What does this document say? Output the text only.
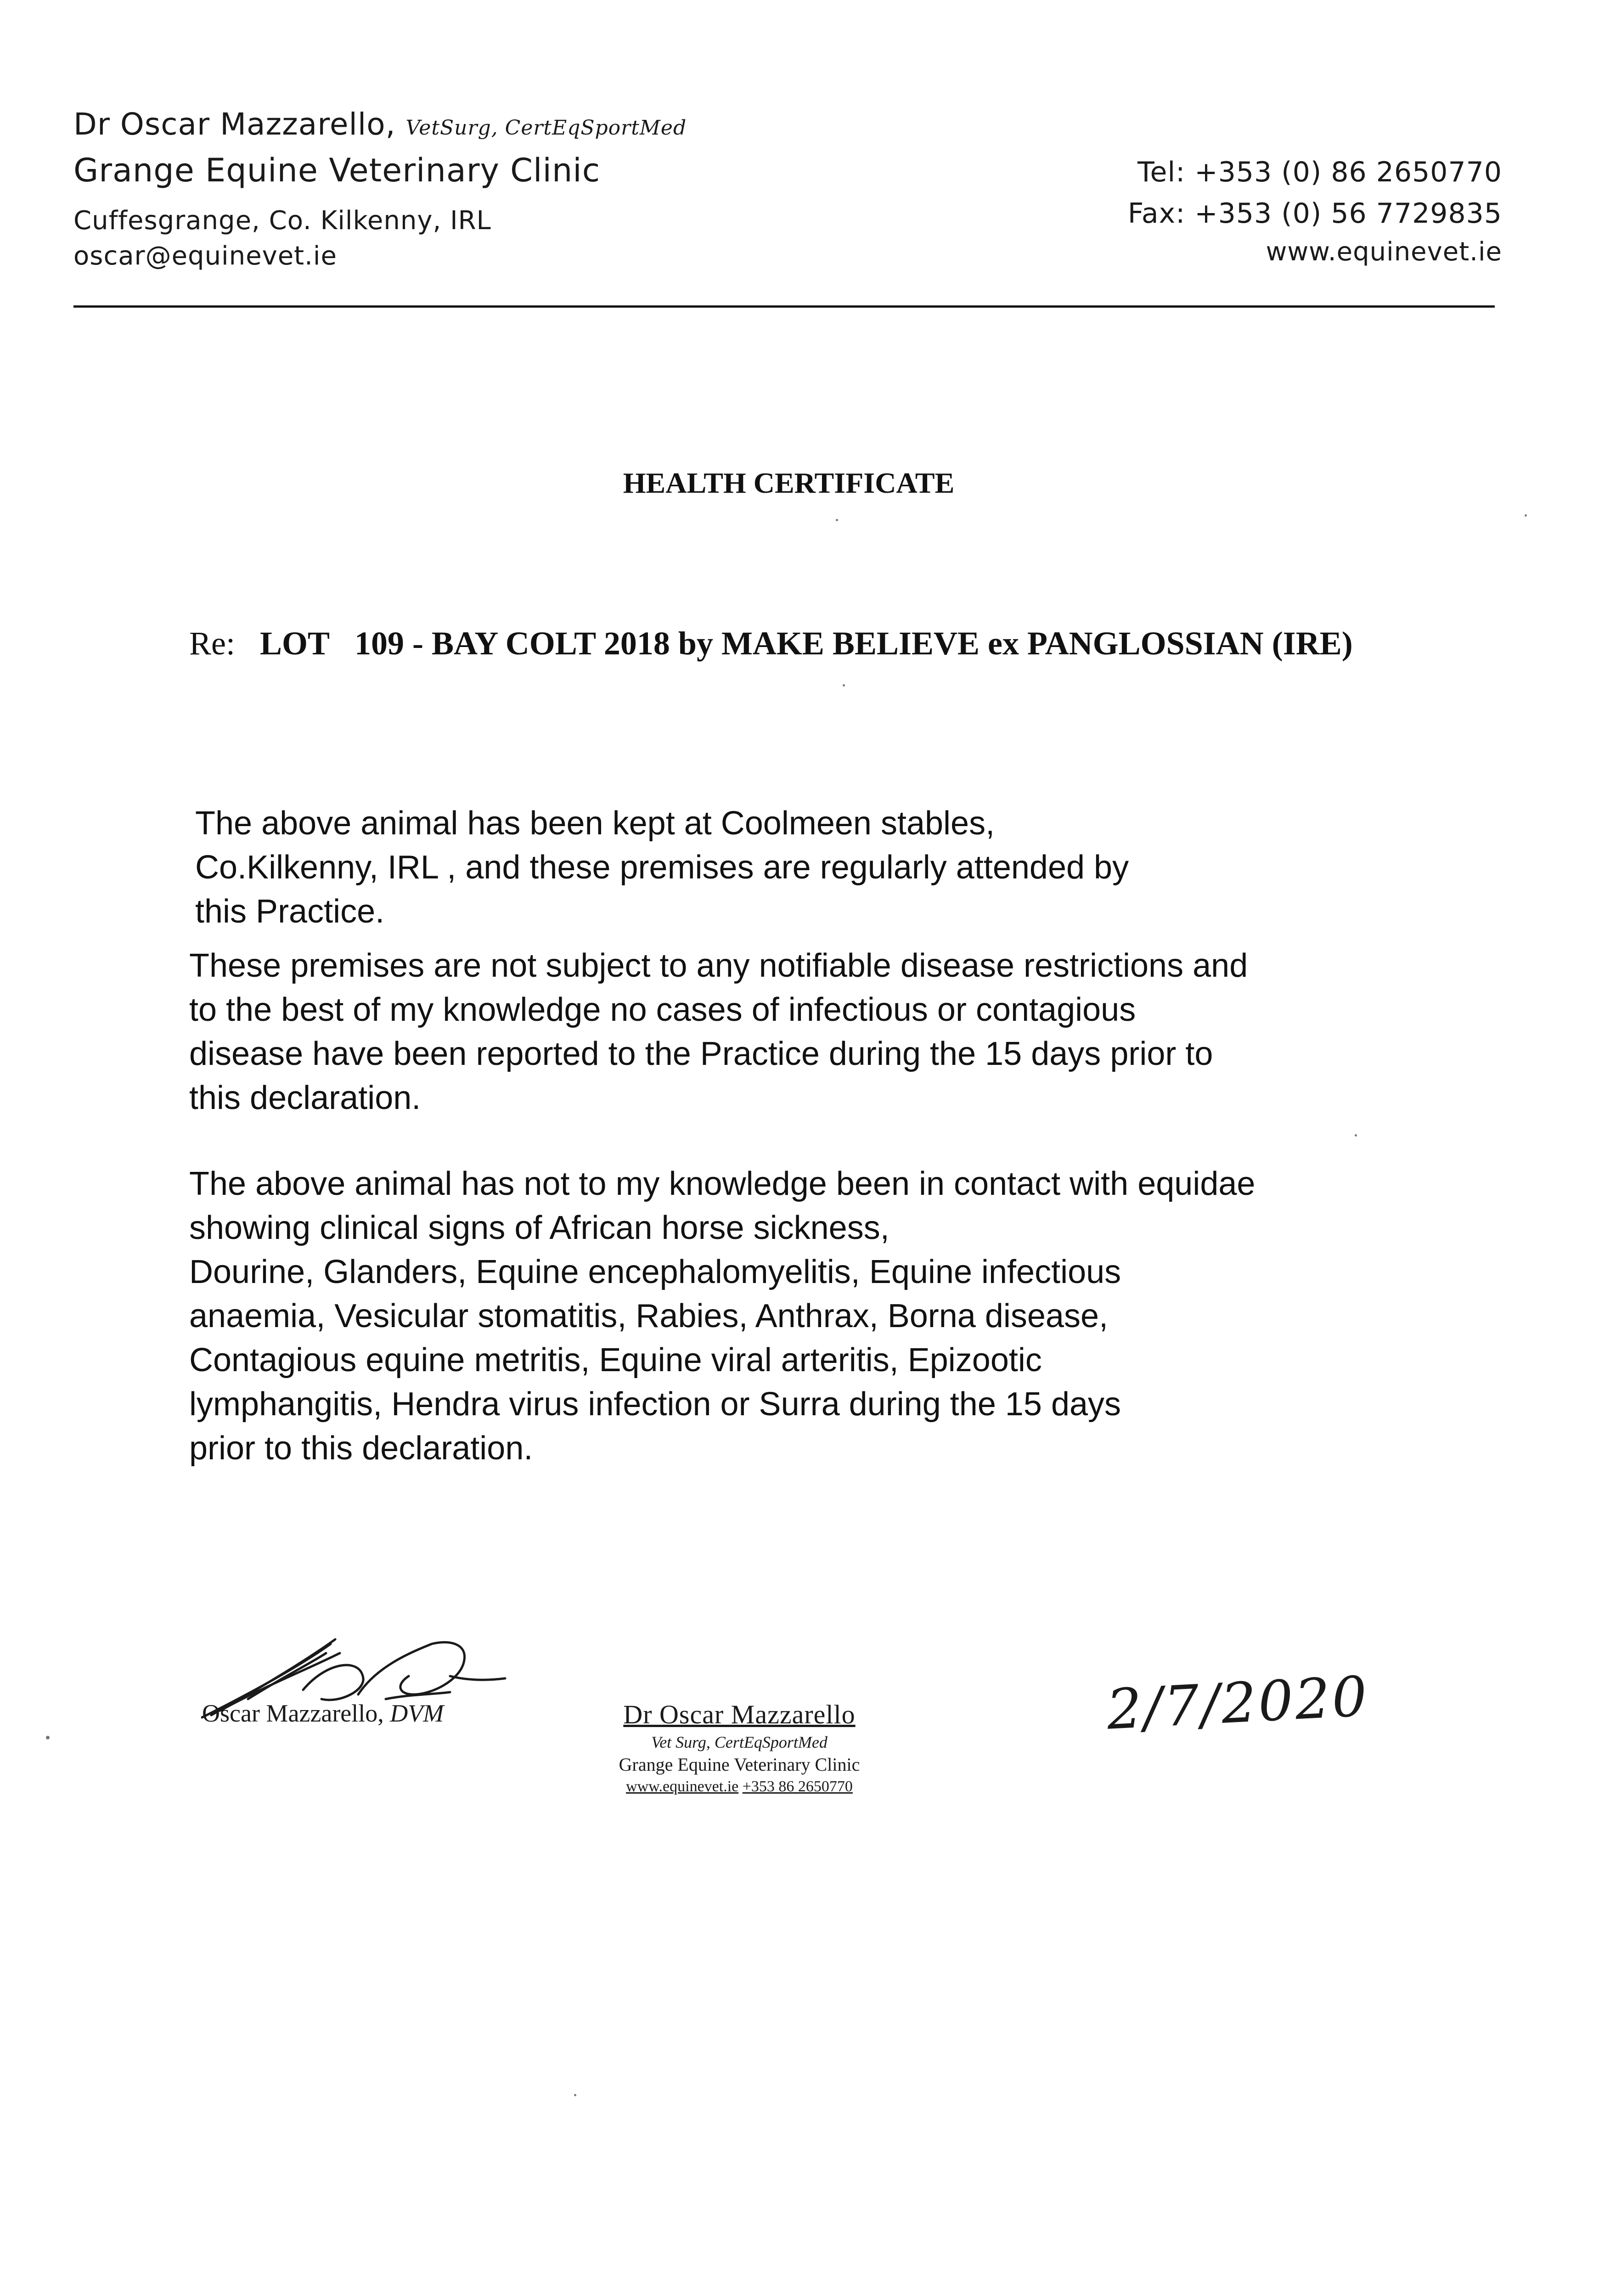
Dr Oscar Mazzarello, VetSurg, CertEqSportMed
Grange Equine Veterinary Clinic
Cuffesgrange, Co. Kilkenny, IRL
oscar@equinevet.ie
Tel: +353 (0) 86 2650770
Fax: +353 (0) 56 7729835
www.equinevet.ie
HEALTH CERTIFICATE
Re: LOT 109 - BAY COLT 2018 by MAKE BELIEVE ex PANGLOSSIAN (IRE)
The above animal has been kept at Coolmeen stables,
Co.Kilkenny, IRL , and these premises are regularly attended by
this Practice.
These premises are not subject to any notifiable disease restrictions and
to the best of my knowledge no cases of infectious or contagious
disease have been reported to the Practice during the 15 days prior to
this declaration.
The above animal has not to my knowledge been in contact with equidae
showing clinical signs of African horse sickness,
Dourine, Glanders, Equine encephalomyelitis, Equine infectious
anaemia, Vesicular stomatitis, Rabies, Anthrax, Borna disease,
Contagious equine metritis, Equine viral arteritis, Epizootic
lymphangitis, Hendra virus infection or Surra during the 15 days
prior to this declaration.
Oscar Mazzarello, DVM	Dr Oscar Mazzarello
Vet Surg, CertEqSportMed
Grange Equine Veterinary Clinic
www.equinevet.ie +353 86 2650770
2/7/2020
